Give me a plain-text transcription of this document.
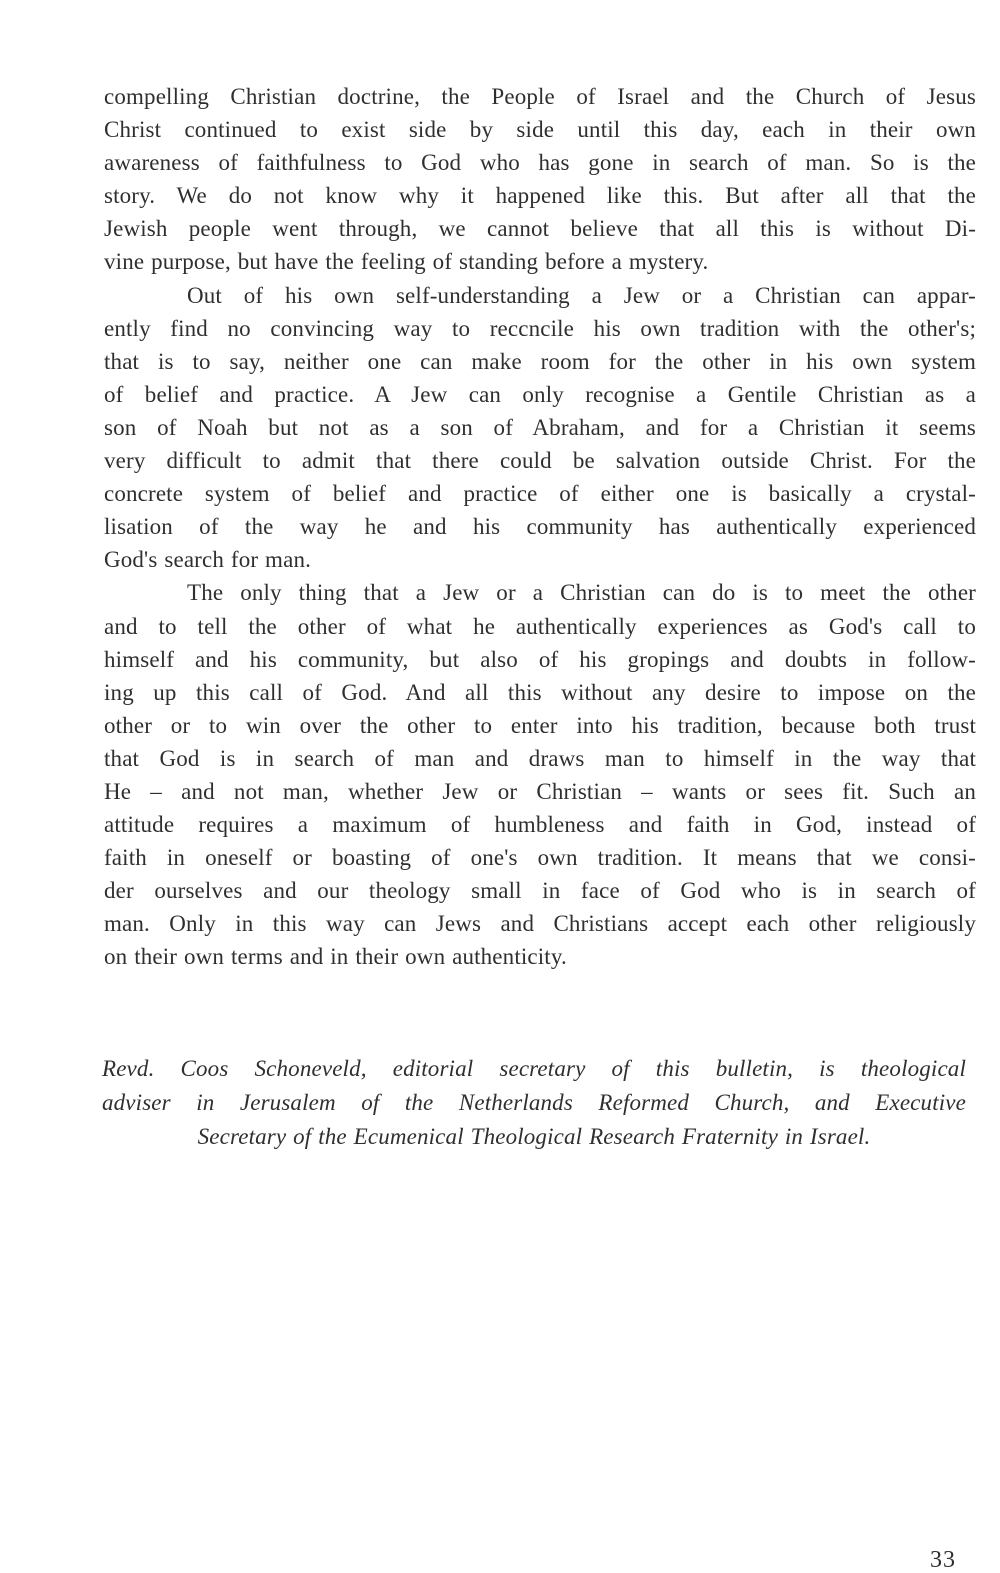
compelling Christian doctrine, the People of Israel and the Church of Jesus
Christ continued to exist side by side until this day, each in their own
awareness of faithfulness to God who has gone in search of man. So is the
story. We do not know why it happened like this. But after all that the
Jewish people went through, we cannot believe that all this is without Di-
vine purpose, but have the feeling of standing before a mystery.
Out of his own self-understanding a Jew or a Christian can appar-
ently find no convincing way to reccncile his own tradition with the other's;
that is to say, neither one can make room for the other in his own system
of belief and practice. A Jew can only recognise a Gentile Christian as a
son of Noah but not as a son of Abraham, and for a Christian it seems
very difficult to admit that there could be salvation outside Christ. For the
concrete system of belief and practice of either one is basically a crystal-
lisation of the way he and his community has authentically experienced
God's search for man.
The only thing that a Jew or a Christian can do is to meet the other
and to tell the other of what he authentically experiences as God's call to
himself and his community, but also of his gropings and doubts in follow-
ing up this call of God. And all this without any desire to impose on the
other or to win over the other to enter into his tradition, because both trust
that God is in search of man and draws man to himself in the way that
He – and not man, whether Jew or Christian – wants or sees fit. Such an
attitude requires a maximum of humbleness and faith in God, instead of
faith in oneself or boasting of one's own tradition. It means that we consi-
der ourselves and our theology small in face of God who is in search of
man. Only in this way can Jews and Christians accept each other religiously
on their own terms and in their own authenticity.
Revd. Coos Schoneveld, editorial secretary of this bulletin, is theological
adviser in Jerusalem of the Netherlands Reformed Church, and Executive
Secretary of the Ecumenical Theological Research Fraternity in Israel.
33
